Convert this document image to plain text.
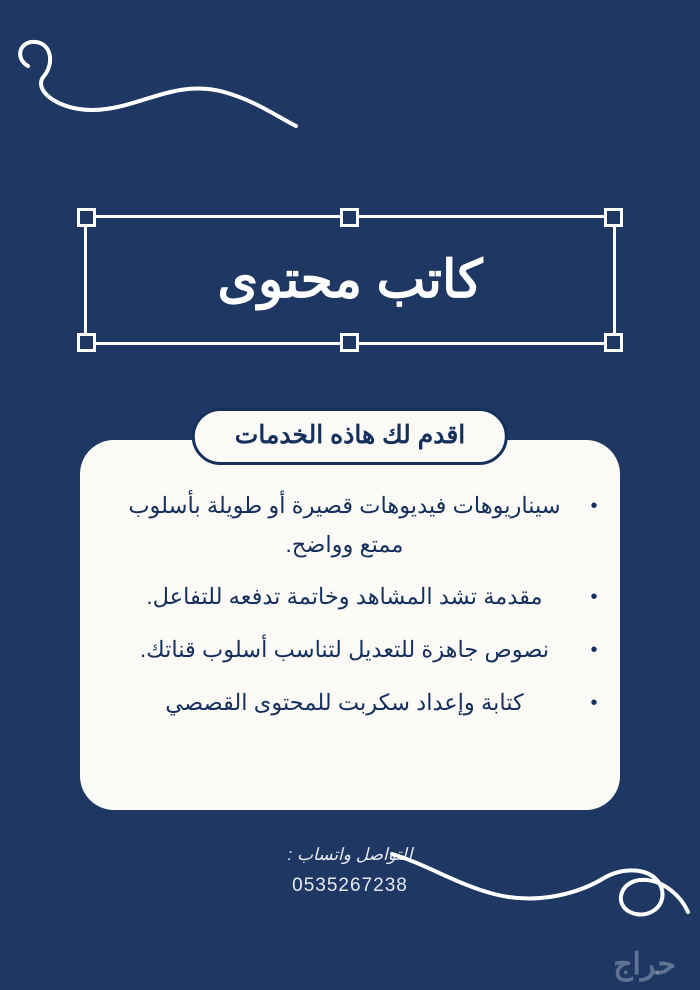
كاتب محتوى
اقدم لك هاذه الخدمات
•
سيناريوهات فيديوهات قصيرة أو طويلة بأسلوب ممتع وواضح.
•
مقدمة تشد المشاهد وخاتمة تدفعه للتفاعل.
•
نصوص جاهزة للتعديل لتناسب أسلوب قناتك.
•
كتابة وإعداد سكربت للمحتوى القصصي
للتواصل واتساب :
0535267238
حراج
